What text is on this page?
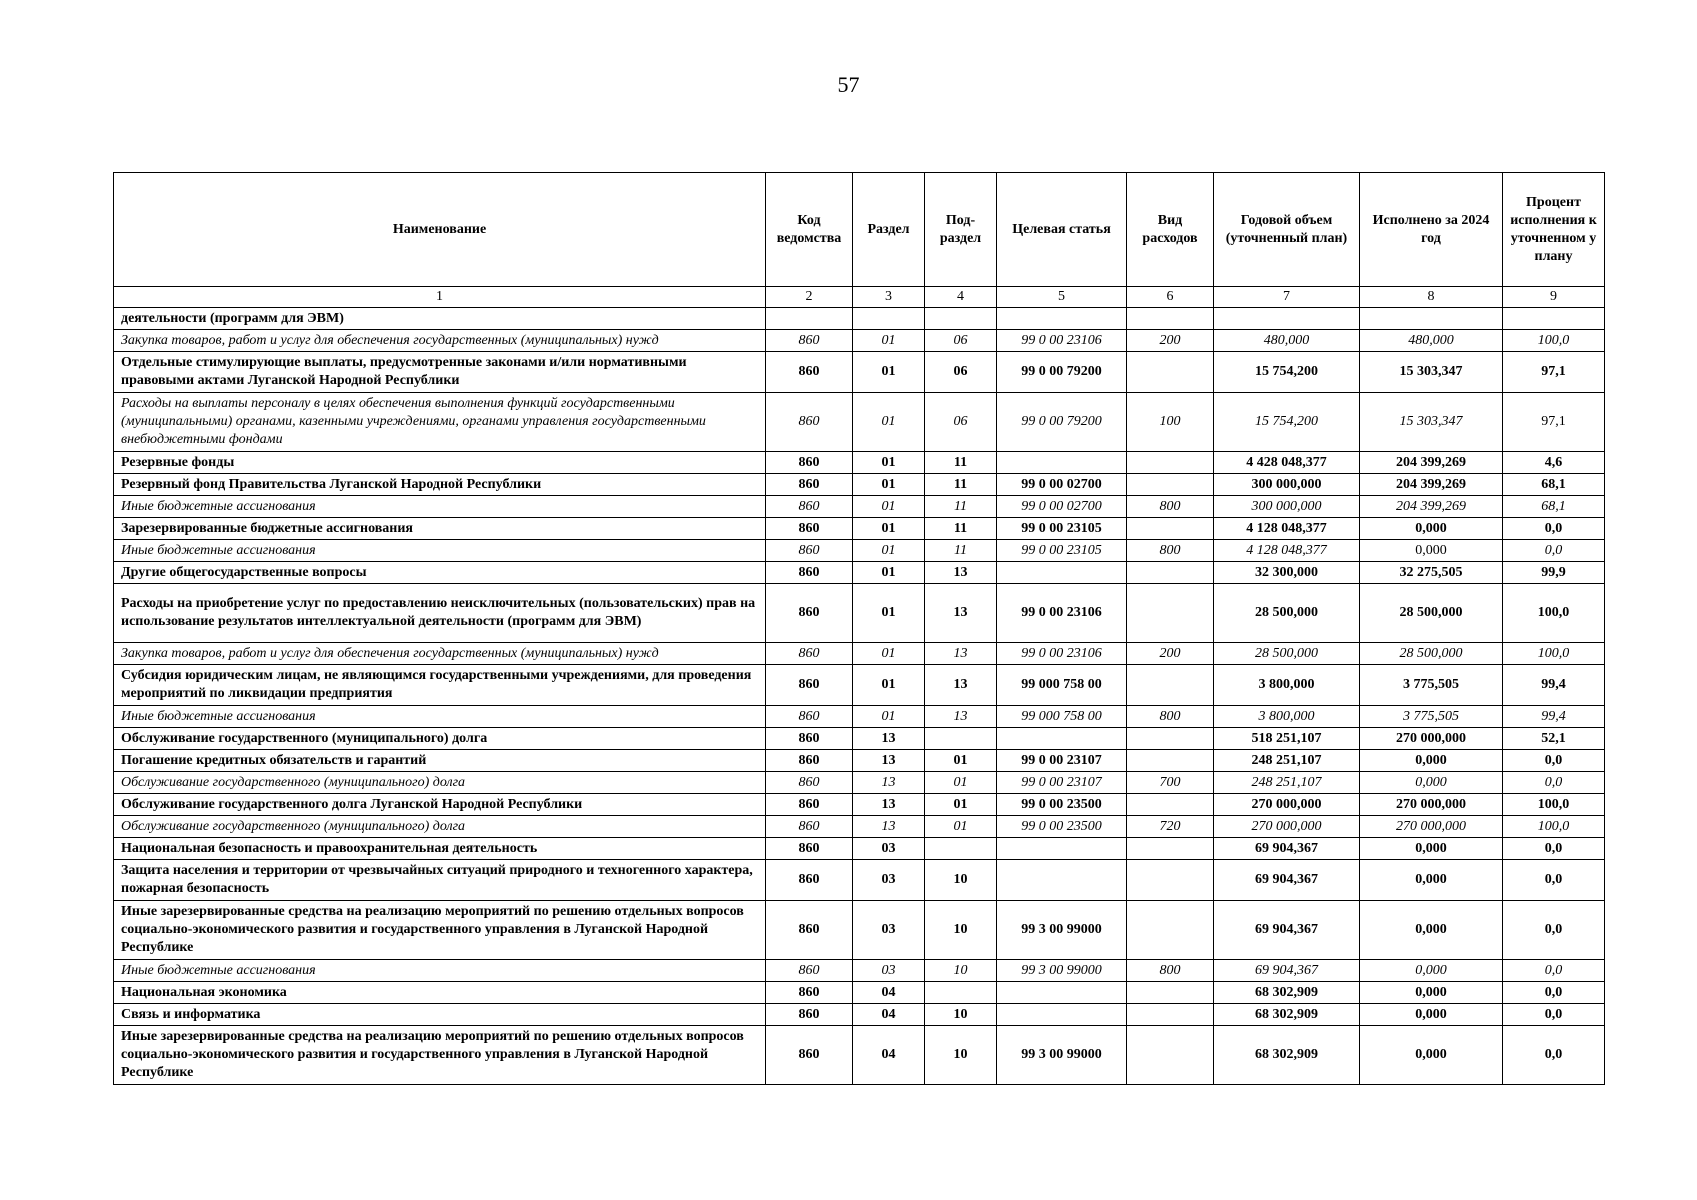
57
Наименование	Код ведомства	Раздел	Под-раздел	Целевая статья	Вид расходов	Годовой объем (уточненный план)	Исполнено за 2024 год	Процент исполнения к уточненном у плану
1	2	3	4	5	6	7	8	9
деятельности (программ для ЭВМ)								
Закупка товаров, работ и услуг для обеспечения государственных (муниципальных) нужд	860	01	06	99 0 00 23106	200	480,000	480,000	100,0
Отдельные стимулирующие выплаты, предусмотренные законами и/или нормативными правовыми актами Луганской Народной Республики	860	01	06	99 0 00 79200		15 754,200	15 303,347	97,1
Расходы на выплаты персоналу в целях обеспечения выполнения функций государственными (муниципальными) органами, казенными учреждениями, органами управления государственными внебюджетными фондами	860	01	06	99 0 00 79200	100	15 754,200	15 303,347	97,1
Резервные фонды	860	01	11			4 428 048,377	204 399,269	4,6
Резервный фонд Правительства Луганской Народной Республики	860	01	11	99 0 00 02700		300 000,000	204 399,269	68,1
Иные бюджетные ассигнования	860	01	11	99 0 00 02700	800	300 000,000	204 399,269	68,1
Зарезервированные бюджетные ассигнования	860	01	11	99 0 00 23105		4 128 048,377	0,000	0,0
Иные бюджетные ассигнования	860	01	11	99 0 00 23105	800	4 128 048,377	0,000	0,0
Другие общегосударственные вопросы	860	01	13			32 300,000	32 275,505	99,9
Расходы на приобретение услуг по предоставлению неисключительных (пользовательских) прав на использование результатов интеллектуальной деятельности (программ для ЭВМ)	860	01	13	99 0 00 23106		28 500,000	28 500,000	100,0
Закупка товаров, работ и услуг для обеспечения государственных (муниципальных) нужд	860	01	13	99 0 00 23106	200	28 500,000	28 500,000	100,0
Субсидия юридическим лицам, не являющимся государственными учреждениями, для проведения мероприятий по ликвидации предприятия	860	01	13	99 000 758 00		3 800,000	3 775,505	99,4
Иные бюджетные ассигнования	860	01	13	99 000 758 00	800	3 800,000	3 775,505	99,4
Обслуживание государственного (муниципального) долга	860	13				518 251,107	270 000,000	52,1
Погашение кредитных обязательств и гарантий	860	13	01	99 0 00 23107		248 251,107	0,000	0,0
Обслуживание государственного (муниципального) долга	860	13	01	99 0 00 23107	700	248 251,107	0,000	0,0
Обслуживание государственного долга Луганской Народной Республики	860	13	01	99 0 00 23500		270 000,000	270 000,000	100,0
Обслуживание государственного (муниципального) долга	860	13	01	99 0 00 23500	720	270 000,000	270 000,000	100,0
Национальная безопасность и правоохранительная деятельность	860	03				69 904,367	0,000	0,0
Защита населения и территории от чрезвычайных ситуаций природного и техногенного характера, пожарная безопасность	860	03	10			69 904,367	0,000	0,0
Иные зарезервированные средства на реализацию мероприятий по решению отдельных вопросов социально-экономического развития и государственного управления в Луганской Народной Республике	860	03	10	99 3 00 99000		69 904,367	0,000	0,0
Иные бюджетные ассигнования	860	03	10	99 3 00 99000	800	69 904,367	0,000	0,0
Национальная экономика	860	04				68 302,909	0,000	0,0
Связь и информатика	860	04	10			68 302,909	0,000	0,0
Иные зарезервированные средства на реализацию мероприятий по решению отдельных вопросов социально-экономического развития и государственного управления в Луганской Народной Республике	860	04	10	99 3 00 99000		68 302,909	0,000	0,0
